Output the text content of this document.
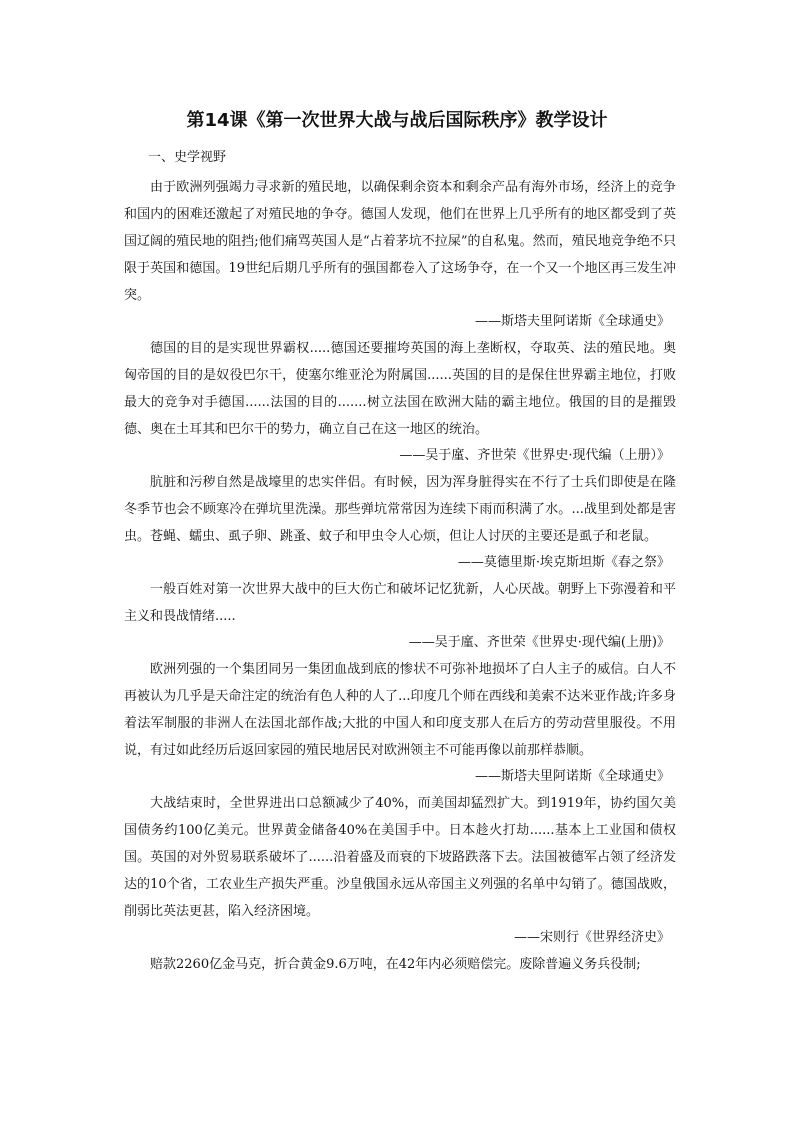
第14课《第一次世界大战与战后国际秩序》教学设计
一、史学视野

由于欧洲列强竭力寻求新的殖民地，以确保剩余资本和剩余产品有海外市场，经济上的竞争和国内的困难还激起了对殖民地的争夺。德国人发现，他们在世界上几乎所有的地区都受到了英国辽阔的殖民地的阻挡;他们痛骂英国人是“占着茅坑不拉屎”的自私鬼。然而，殖民地竞争绝不只限于英国和德国。19世纪后期几乎所有的强国都卷入了这场争夺，在一个又一个地区再三发生冲突。

——斯塔夫里阿诺斯《全球通史》

德国的目的是实现世界霸权.....德国还要摧垮英国的海上垄断权，夺取英、法的殖民地。奥匈帝国的目的是奴役巴尔干，使塞尔维亚沦为附属国......英国的目的是保住世界霸主地位，打败最大的竞争对手德国......法国的目的.......树立法国在欧洲大陆的霸主地位。俄国的目的是摧毁德、奥在土耳其和巴尔干的势力，确立自己在这一地区的统治。

——吴于廑、齐世荣《世界史·现代编（上册）》

肮脏和污秽自然是战壕里的忠实伴侣。有时候，因为浑身脏得实在不行了士兵们即使是在隆冬季节也会不顾寒冷在弹坑里洗澡。那些弹坑常常因为连续下雨而积满了水。...战里到处都是害虫。苍蝇、蠕虫、虱子卵、跳蚤、蚊子和甲虫令人心烦，但让人讨厌的主要还是虱子和老鼠。

——莫德里斯·埃克斯坦斯《春之祭》

一般百姓对第一次世界大战中的巨大伤亡和破坏记忆犹新，人心厌战。朝野上下弥漫着和平主义和畏战情绪.....

——吴于廑、齐世荣《世界史·现代编(上册)》

欧洲列强的一个集团同另一集团血战到底的惨状不可弥补地损坏了白人主子的威信。白人不再被认为几乎是天命注定的统治有色人种的人了...印度几个师在西线和美索不达米亚作战;许多身着法军制服的非洲人在法国北部作战;大批的中国人和印度支那人在后方的劳动营里服役。不用说，有过如此经历后返回家园的殖民地居民对欧洲领主不可能再像以前那样恭顺。

——斯塔夫里阿诺斯《全球通史》

大战结束时，全世界进出口总额减少了40%，而美国却猛烈扩大。到1919年，协约国欠美国债务约100亿美元。世界黄金储备40%在美国手中。日本趁火打劫......基本上工业国和债权国。英国的对外贸易联系破坏了......沿着盛及而衰的下坡路跌落下去。法国被德军占领了经济发达的10个省，工农业生产损失严重。沙皇俄国永远从帝国主义列强的名单中勾销了。德国战败，削弱比英法更甚，陷入经济困境。

——宋则行《世界经济史》

赔款2260亿金马克，折合黄金9.6万吨，在42年内必须赔偿完。废除普遍义务兵役制;
